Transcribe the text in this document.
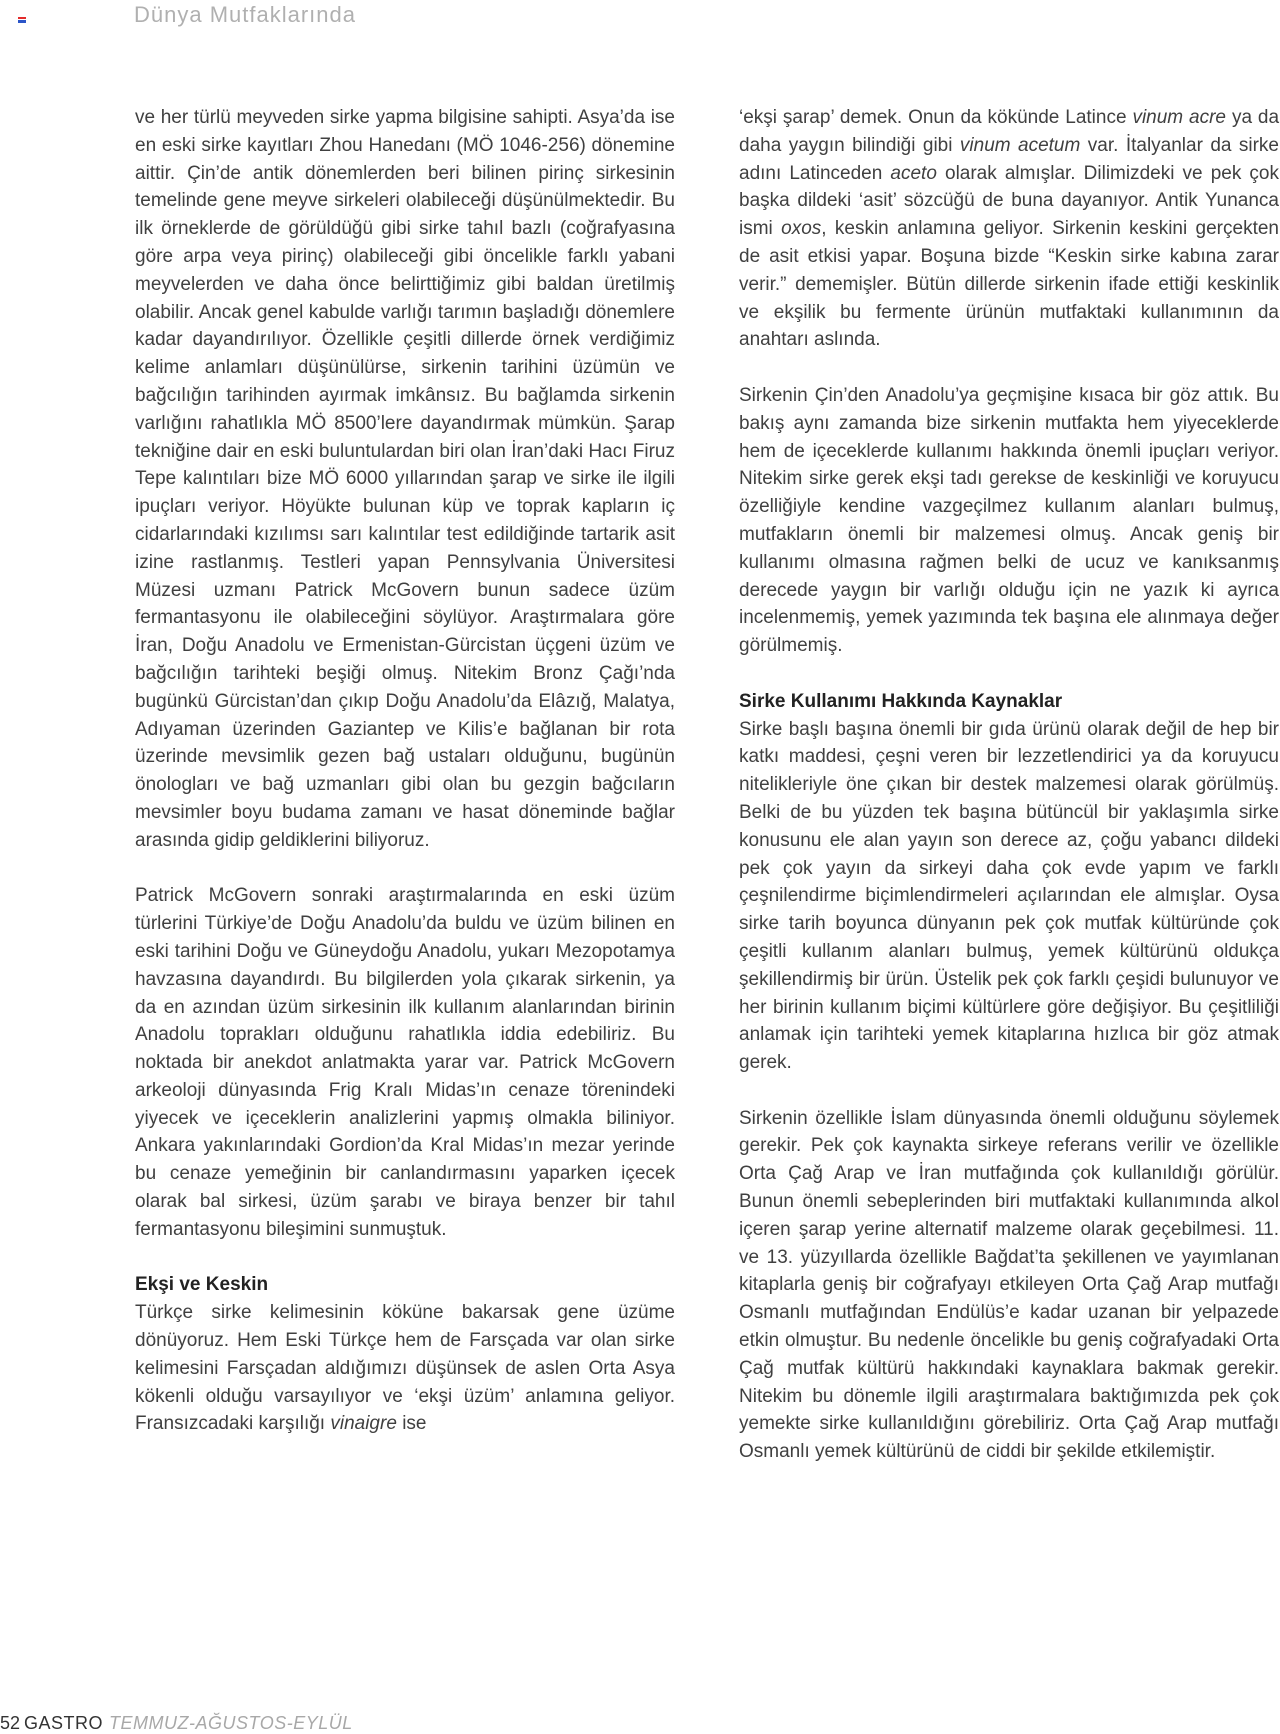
Dünya Mutfaklarında

ve her türlü meyveden sirke yapma bilgisine sahipti. Asya’da ise en eski sirke kayıtları Zhou Hanedanı (MÖ 1046-256) dönemine aittir. Çin’de antik dönemlerden beri bilinen pirinç sirkesinin temelinde gene meyve sirkeleri olabileceği düşünülmektedir. Bu ilk örneklerde de görüldüğü gibi sirke tahıl bazlı (coğrafyasına göre arpa veya pirinç) olabileceği gibi öncelikle farklı yabani meyvelerden ve daha önce belirttiğimiz gibi baldan üretilmiş olabilir. Ancak genel kabulde varlığı tarımın başladığı dönemlere kadar dayandırılıyor. Özellikle çeşitli dillerde örnek verdiğimiz kelime anlamları düşünülürse, sirkenin tarihini üzümün ve bağcılığın tarihinden ayırmak imkânsız. Bu bağlamda sirkenin varlığını rahatlıkla MÖ 8500’lere dayandırmak mümkün. Şarap tekniğine dair en eski buluntulardan biri olan İran’daki Hacı Firuz Tepe kalıntıları bize MÖ 6000 yıllarından şarap ve sirke ile ilgili ipuçları veriyor. Höyükte bulunan küp ve toprak kapların iç cidarlarındaki kızılımsı sarı kalıntılar test edildiğinde tartarik asit izine rastlanmış. Testleri yapan Pennsylvania Üniversitesi Müzesi uzmanı Patrick McGovern bunun sadece üzüm fermantasyonu ile olabileceğini söylüyor. Araştırmalara göre İran, Doğu Anadolu ve Ermenistan-Gürcistan üçgeni üzüm ve bağcılığın tarihteki beşiği olmuş. Nitekim Bronz Çağı’nda bugünkü Gürcistan’dan çıkıp Doğu Anadolu’da Elâzığ, Malatya, Adıyaman üzerinden Gaziantep ve Kilis’e bağlanan bir rota üzerinde mevsimlik gezen bağ ustaları olduğunu, bugünün önologları ve bağ uzmanları gibi olan bu gezgin bağcıların mevsimler boyu budama zamanı ve hasat döneminde bağlar arasında gidip geldiklerini biliyoruz.

Patrick McGovern sonraki araştırmalarında en eski üzüm türlerini Türkiye’de Doğu Anadolu’da buldu ve üzüm bilinen en eski tarihini Doğu ve Güneydoğu Anadolu, yukarı Mezopotamya havzasına dayandırdı. Bu bilgilerden yola çıkarak sirkenin, ya da en azından üzüm sirkesinin ilk kullanım alanlarından birinin Anadolu toprakları olduğunu rahatlıkla iddia edebiliriz. Bu noktada bir anekdot anlatmakta yarar var. Patrick McGovern arkeoloji dünyasında Frig Kralı Midas’ın cenaze törenindeki yiyecek ve içeceklerin analizlerini yapmış olmakla biliniyor. Ankara yakınlarındaki Gordion’da Kral Midas’ın mezar yerinde bu cenaze yemeğinin bir canlandırmasını yaparken içecek olarak bal sirkesi, üzüm şarabı ve biraya benzer bir tahıl fermantasyonu bileşimini sunmuştuk.

Ekşi ve Keskin

Türkçe sirke kelimesinin köküne bakarsak gene üzüme dönüyoruz. Hem Eski Türkçe hem de Farsçada var olan sirke kelimesini Farsçadan aldığımızı düşünsek de aslen Orta Asya kökenli olduğu varsayılıyor ve ‘ekşi üzüm’ anlamına geliyor. Fransızcadaki karşılığı vinaigre ise

‘ekşi şarap’ demek. Onun da kökünde Latince vinum acre ya da daha yaygın bilindiği gibi vinum acetum var. İtalyanlar da sirke adını Latinceden aceto olarak almışlar. Dilimizdeki ve pek çok başka dildeki ‘asit’ sözcüğü de buna dayanıyor. Antik Yunanca ismi oxos, keskin anlamına geliyor. Sirkenin keskini gerçekten de asit etkisi yapar. Boşuna bizde “Keskin sirke kabına zarar verir.” dememişler. Bütün dillerde sirkenin ifade ettiği keskinlik ve ekşilik bu fermente ürünün mutfaktaki kullanımının da anahtarı aslında.

Sirkenin Çin’den Anadolu’ya geçmişine kısaca bir göz attık. Bu bakış aynı zamanda bize sirkenin mutfakta hem yiyeceklerde hem de içeceklerde kullanımı hakkında önemli ipuçları veriyor. Nitekim sirke gerek ekşi tadı gerekse de keskinliği ve koruyucu özelliğiyle kendine vazgeçilmez kullanım alanları bulmuş, mutfakların önemli bir malzemesi olmuş. Ancak geniş bir kullanımı olmasına rağmen belki de ucuz ve kanıksanmış derecede yaygın bir varlığı olduğu için ne yazık ki ayrıca incelenmemiş, yemek yazımında tek başına ele alınmaya değer görülmemiş.

Sirke Kullanımı Hakkında Kaynaklar

Sirke başlı başına önemli bir gıda ürünü olarak değil de hep bir katkı maddesi, çeşni veren bir lezzetlendirici ya da koruyucu nitelikleriyle öne çıkan bir destek malzemesi olarak görülmüş. Belki de bu yüzden tek başına bütüncül bir yaklaşımla sirke konusunu ele alan yayın son derece az, çoğu yabancı dildeki pek çok yayın da sirkeyi daha çok evde yapım ve farklı çeşnilendirme biçimlendirmeleri açılarından ele almışlar. Oysa sirke tarih boyunca dünyanın pek çok mutfak kültüründe çok çeşitli kullanım alanları bulmuş, yemek kültürünü oldukça şekillendirmiş bir ürün. Üstelik pek çok farklı çeşidi bulunuyor ve her birinin kullanım biçimi kültürlere göre değişiyor. Bu çeşitliliği anlamak için tarihteki yemek kitaplarına hızlıca bir göz atmak gerek.

Sirkenin özellikle İslam dünyasında önemli olduğunu söylemek gerekir. Pek çok kaynakta sirkeye referans verilir ve özellikle Orta Çağ Arap ve İran mutfağında çok kullanıldığı görülür. Bunun önemli sebeplerinden biri mutfaktaki kullanımında alkol içeren şarap yerine alternatif malzeme olarak geçebilmesi. 11. ve 13. yüzyıllarda özellikle Bağdat’ta şekillenen ve yayımlanan kitaplarla geniş bir coğrafyayı etkileyen Orta Çağ Arap mutfağı Osmanlı mutfağından Endülüs’e kadar uzanan bir yelpazede etkin olmuştur. Bu nedenle öncelikle bu geniş coğrafyadaki Orta Çağ mutfak kültürü hakkındaki kaynaklara bakmak gerekir. Nitekim bu dönemle ilgili araştırmalara baktığımızda pek çok yemekte sirke kullanıldığını görebiliriz. Orta Çağ Arap mutfağı Osmanlı yemek kültürünü de ciddi bir şekilde etkilemiştir.

52 GASTRO TEMMUZ-AĞUSTOS-EYLÜL
